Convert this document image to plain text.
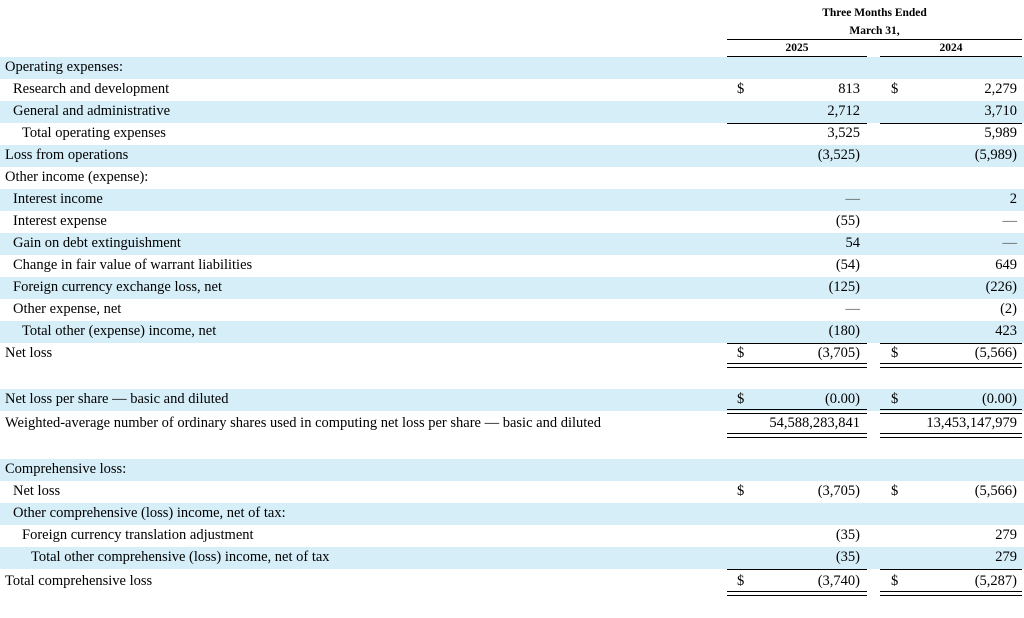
Three Months Ended
March 31,
2025	2024
Operating expenses:
Research and development	$	813 $	2,279
General and administrative	2,712	3,710
Total operating expenses	3,525	5,989
Loss from operations	(3,525)	(5,989)
Other income (expense):
Interest income	—	2
Interest expense	(55)	—
Gain on debt extinguishment	54	—
Change in fair value of warrant liabilities	(54)	649
Foreign currency exchange loss, net	(125)	(226)
Other expense, net	—	(2)
Total other (expense) income, net	(180)	423
Net loss	$	(3,705) $	(5,566)
Net loss per share — basic and diluted	$	(0.00) $	(0.00)
Weighted-average number of ordinary shares used in computing net loss per share — basic and diluted	54,588,283,841	13,453,147,979
Comprehensive loss:
Net loss	$	(3,705) $	(5,566)
Other comprehensive (loss) income, net of tax:
Foreign currency translation adjustment	(35)	279
Total other comprehensive (loss) income, net of tax	(35)	279
Total comprehensive loss	$	(3,740) $	(5,287)
